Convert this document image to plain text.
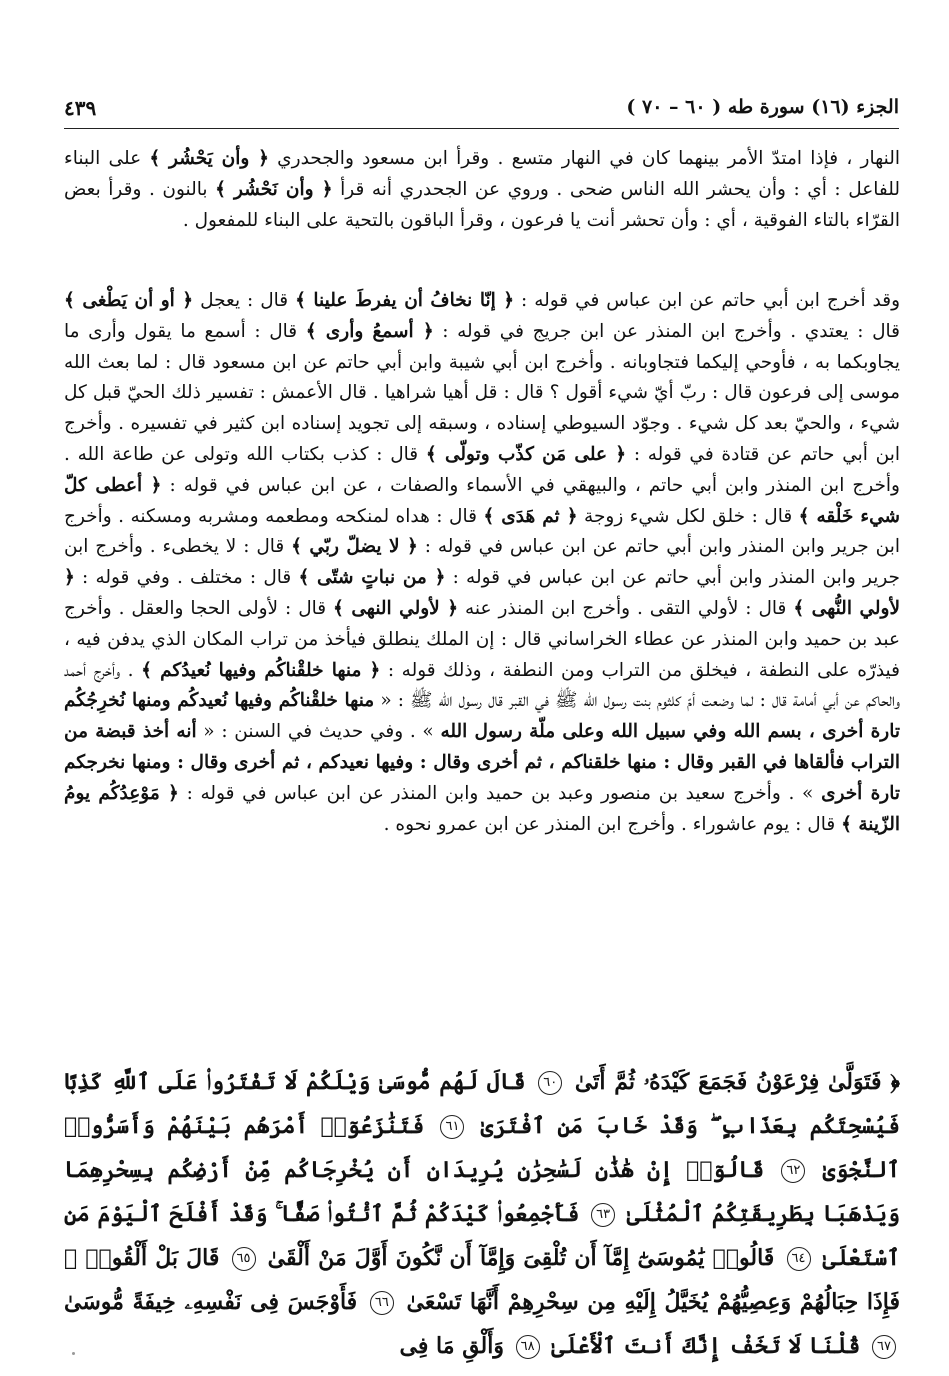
الجزء (١٦) سورة طه ( ٦٠ – ٧٠ )
٤٣٩

النهار ، فإذا امتدّ الأمر بينهما كان في النهار متسع . وقرأ ابن مسعود والجحدري ﴿ وأن يَحْشُر ﴾ على البناء للفاعل : أي : وأن يحشر الله الناس ضحى . وروي عن الجحدري أنه قرأ ﴿ وأن نَحْشُر ﴾ بالنون . وقرأ بعض القرّاء بالتاء الفوقية ، أي : وأن تحشر أنت يا فرعون ، وقرأ الباقون بالتحية على البناء للمفعول .

وقد أخرج ابن أبي حاتم عن ابن عباس في قوله : ﴿ إنّا نخافُ أن يفرطَ علينا ﴾ قال : يعجل ﴿ أو أن يَطْغى ﴾ قال : يعتدي . وأخرج ابن المنذر عن ابن جريج في قوله : ﴿ أسمعُ وأرى ﴾ قال : أسمع ما يقول وأرى ما يجاوبكما به ، فأوحي إليكما فتجاوبانه . وأخرج ابن أبي شيبة وابن أبي حاتم عن ابن مسعود قال : لما بعث الله موسى إلى فرعون قال : ربّ أيّ شيء أقول ؟ قال : قل أهيا شراهيا . قال الأعمش : تفسير ذلك الحيّ قبل كل شيء ، والحيّ بعد كل شيء . وجوّد السيوطي إسناده ، وسبقه إلى تجويد إسناده ابن كثير في تفسيره . وأخرج ابن أبي حاتم عن قتادة في قوله : ﴿ على مَن كذّب وتولّى ﴾ قال : كذب بكتاب الله وتولى عن طاعة الله . وأخرج ابن المنذر وابن أبي حاتم ، والبيهقي في الأسماء والصفات ، عن ابن عباس في قوله : ﴿ أعطى كلّ شيء خَلْقه ﴾ قال : خلق لكل شيء زوجة ﴿ ثم هَدَى ﴾ قال : هداه لمنكحه ومطعمه ومشربه ومسكنه . وأخرج ابن جرير وابن المنذر وابن أبي حاتم عن ابن عباس في قوله : ﴿ لا يضلّ ربّي ﴾ قال : لا يخطىء . وأخرج ابن جرير وابن المنذر وابن أبي حاتم عن ابن عباس في قوله : ﴿ من نباتٍ شتّى ﴾ قال : مختلف . وفي قوله : ﴿ لأولي النُّهى ﴾ قال : لأولي التقى . وأخرج ابن المنذر عنه ﴿ لأولي النهى ﴾ قال : لأولى الحجا والعقل . وأخرج عبد بن حميد وابن المنذر عن عطاء الخراساني قال : إن الملك ينطلق فيأخذ من تراب المكان الذي يدفن فيه ، فيذرّه على النطفة ، فيخلق من التراب ومن النطفة ، وذلك قوله : ﴿ منها خلقْناكُم وفيها نُعيدُكم ﴾ . وأخرج أحمد والحاكم عن أبي أمامة قال : لما وضعت أمّ كلثوم بنت رسول الله ﷺ في القبر قال رسول الله ﷺ : « منها خلقْناكُم وفيها نُعيدكُم ومنها نُخرِجُكُم تارة أخرى ، بسم الله وفي سبيل الله وعلى ملّة رسول الله » . وفي حديث في السنن : « أنه أخذ قبضة من التراب فألقاها في القبر وقال : منها خلقناكم ، ثم أخرى وقال : وفيها نعيدكم ، ثم أخرى وقال : ومنها نخرجكم تارة أخرى » . وأخرج سعيد بن منصور وعبد بن حميد وابن المنذر عن ابن عباس في قوله : ﴿ مَوْعِدُكُم يومُ الزّينة ﴾ قال : يوم عاشوراء . وأخرج ابن المنذر عن ابن عمرو نحوه .

﴿ فَتَوَلَّىٰ فِرْعَوْنُ فَجَمَعَ كَيْدَهُۥ ثُمَّ أَتَىٰ ٦٠ قَالَ لَهُم مُّوسَىٰ وَيْلَكُمْ لَا تَفْتَرُوا۟ عَلَى ٱللَّهِ كَذِبًا فَيُسْحِتَكُم بِعَذَابٍ ۖ وَقَدْ خَابَ مَنِ ٱفْتَرَىٰ ٦١ فَتَنَٰزَعُوٓا۟ أَمْرَهُم بَيْنَهُمْ وَأَسَرُّوا۟ ٱلنَّجْوَىٰ ٦٢ قَالُوٓا۟ إِنْ هَٰذَٰنِ لَسَٰحِرَٰنِ يُرِيدَانِ أَن يُخْرِجَاكُم مِّنْ أَرْضِكُم بِسِحْرِهِمَا وَيَذْهَبَا بِطَرِيقَتِكُمُ ٱلْمُثْلَىٰ ٦٣ فَأَجْمِعُوا۟ كَيْدَكُمْ ثُمَّ ٱئْتُوا۟ صَفًّا ۚ وَقَدْ أَفْلَحَ ٱلْيَوْمَ مَنِ ٱسْتَعْلَىٰ ٦٤ قَالُوا۟ يَٰمُوسَىٰٓ إِمَّآ أَن تُلْقِىَ وَإِمَّآ أَن نَّكُونَ أَوَّلَ مَنْ أَلْقَىٰ ٦٥ قَالَ بَلْ أَلْقُوا۟ ۖ فَإِذَا حِبَالُهُمْ وَعِصِيُّهُمْ يُخَيَّلُ إِلَيْهِ مِن سِحْرِهِمْ أَنَّهَا تَسْعَىٰ ٦٦ فَأَوْجَسَ فِى نَفْسِهِۦ خِيفَةً مُّوسَىٰ ٦٧ قُلْنَا لَا تَخَفْ إِنَّكَ أَنتَ ٱلْأَعْلَىٰ ٦٨ وَأَلْقِ مَا فِى
